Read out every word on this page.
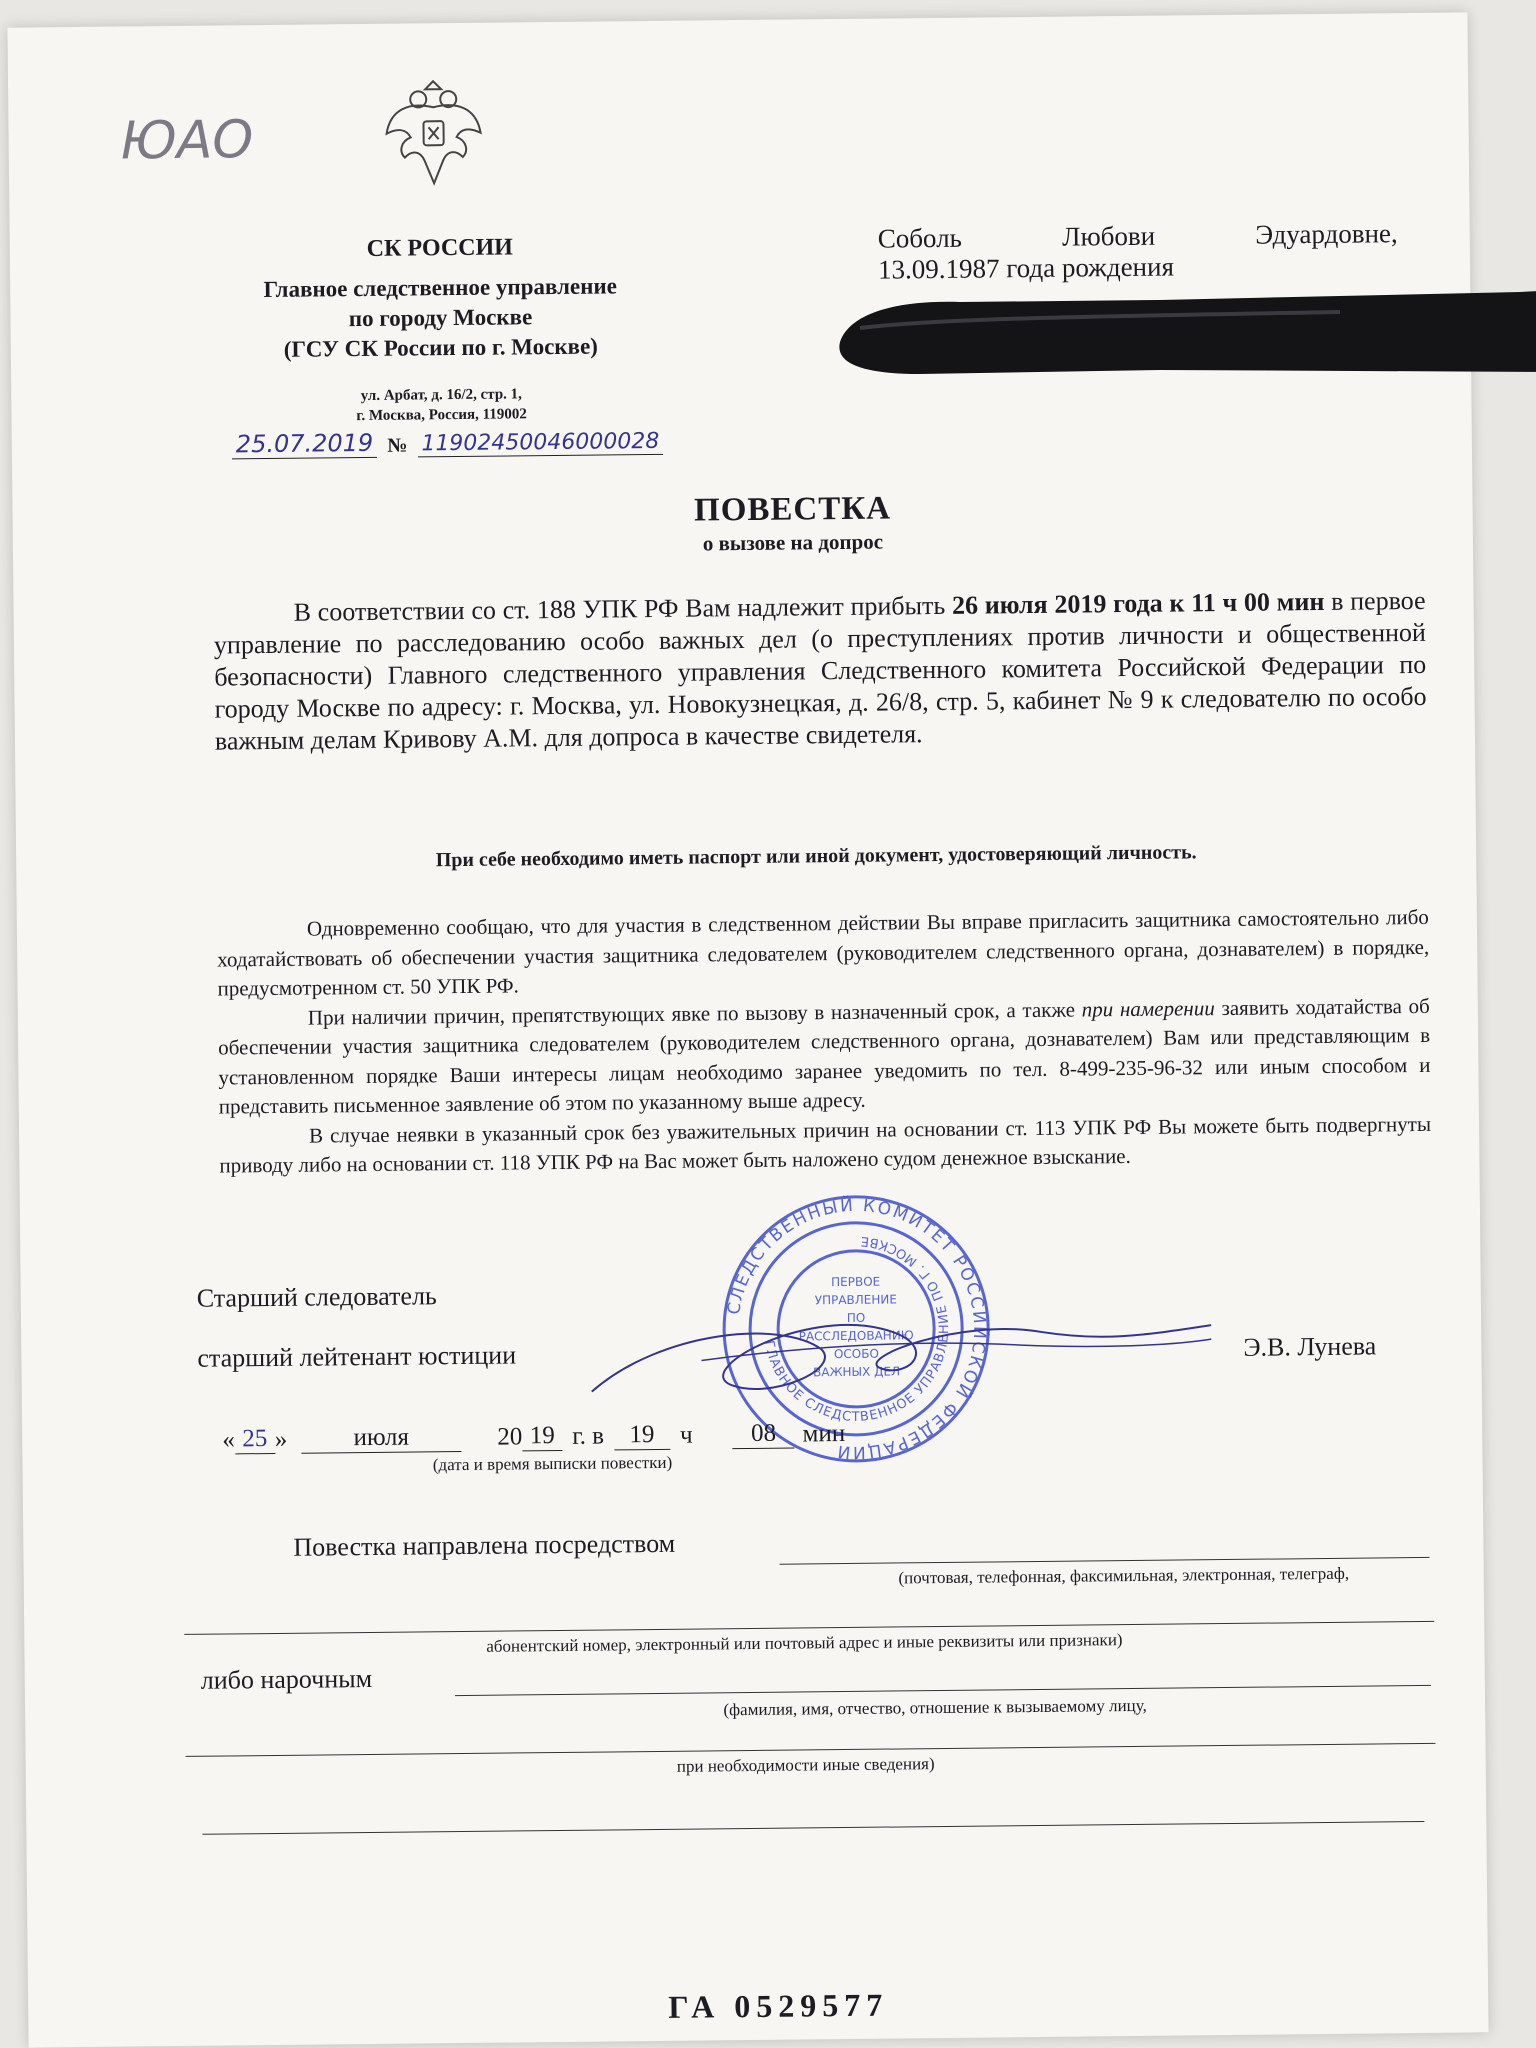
ЮАО
СК РОССИИ
Главное следственное управление
по городу Москве
(ГСУ СК России по г. Москве)
ул. Арбат, д. 16/2, стр. 1,
г. Москва, Россия, 119002
25.07.2019 № 11902450046000028
Соболь	Любови	Эдуардовне,
13.09.1987 года рождения
ПОВЕСТКА
о вызове на допрос

В соответствии со ст. 188 УПК РФ Вам надлежит прибыть 26 июля 2019 года к 11 ч 00 мин в первое управление по расследованию особо важных дел (о преступлениях против личности и общественной безопасности) Главного следственного управления Следственного комитета Российской Федерации по городу Москве по адресу: г. Москва, ул. Новокузнецкая, д. 26/8, стр. 5, кабинет № 9 к следователю по особо важным делам Кривову А.М. для допроса в качестве свидетеля.

При себе необходимо иметь паспорт или иной документ, удостоверяющий личность.

Одновременно сообщаю, что для участия в следственном действии Вы вправе пригласить защитника самостоятельно либо ходатайствовать об обеспечении участия защитника следователем (руководителем следственного органа, дознавателем) в порядке, предусмотренном ст. 50 УПК РФ.

При наличии причин, препятствующих явке по вызову в назначенный срок, а также при намерении заявить ходатайства об обеспечении участия защитника следователем (руководителем следственного органа, дознавателем) Вам или представляющим в установленном порядке Ваши интересы лицам необходимо заранее уведомить по тел. 8-499-235-96-32 или иным способом и представить письменное заявление об этом по указанному выше адресу.

В случае неявки в указанный срок без уважительных причин на основании ст. 113 УПК РФ Вы можете быть подвергнуты приводу либо на основании ст. 118 УПК РФ на Вас может быть наложено судом денежное взыскание.

Старший следователь
старший лейтенант юстиции	Э.В. Лунева
СЛЕДСТВЕННЫЙ КОМИТЕТ РОССИЙСКОЙ ФЕДЕРАЦИИ
ГЛАВНОЕ СЛЕДСТВЕННОЕ УПРАВЛЕНИЕ ПО Г. МОСКВЕ
ПЕРВОЕ
УПРАВЛЕНИЕ
ПО
РАССЛЕДОВАНИЮ
ОСОБО
ВАЖНЫХ ДЕЛ
« 25 »	июля	20 19 г. в	19	ч	08	мин
(дата и время выписки повестки)
Повестка направлена посредством
(почтовая, телефонная, факсимильная, электронная, телеграф,
абонентский номер, электронный или почтовый адрес и иные реквизиты или признаки)
либо нарочным
(фамилия, имя, отчество, отношение к вызываемому лицу,
при необходимости иные сведения)
ГА 0529577
